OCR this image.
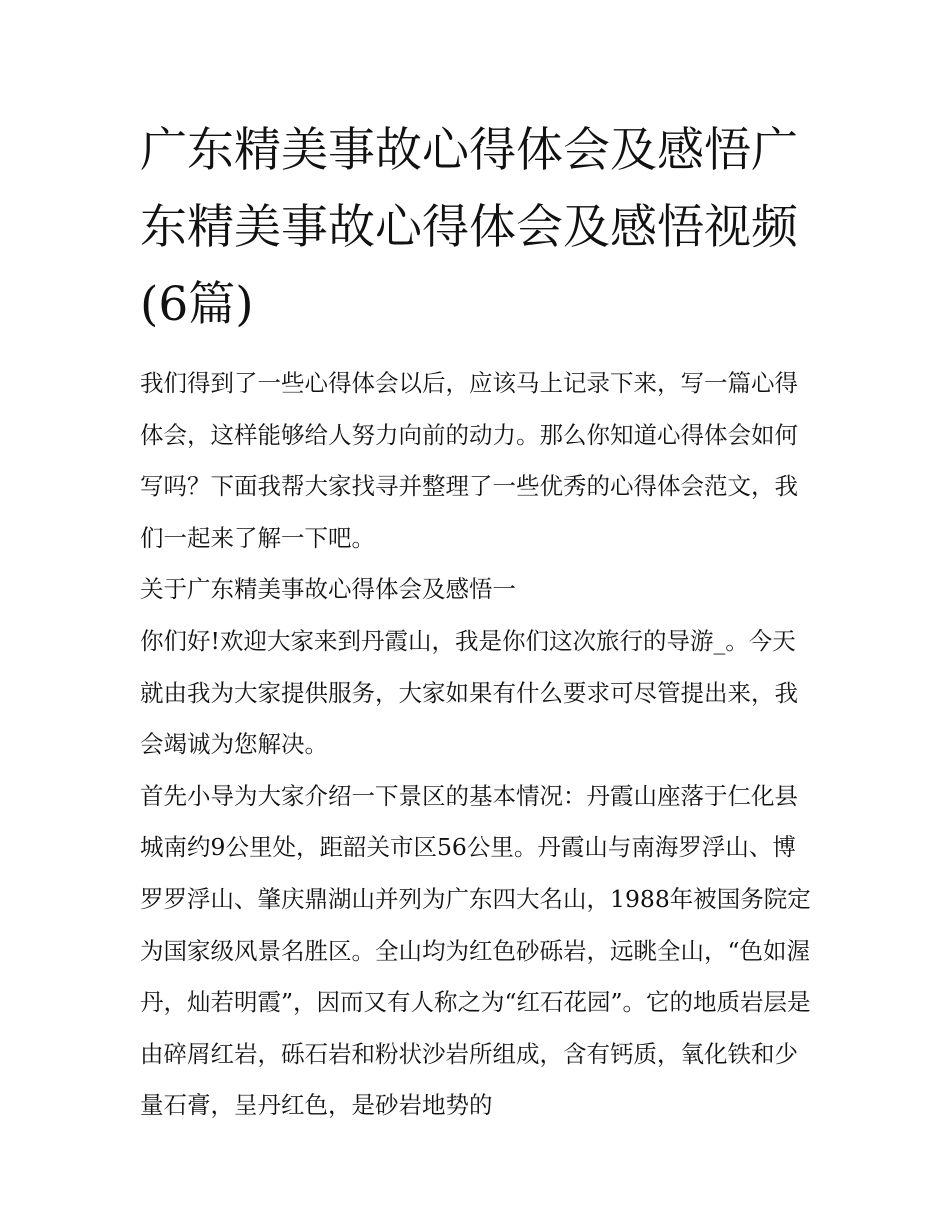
广东精美事故心得体会及感悟广东精美事故心得体会及感悟视频(6篇)

我们得到了一些心得体会以后，应该马上记录下来，写一篇心得体会，这样能够给人努力向前的动力。那么你知道心得体会如何写吗？下面我帮大家找寻并整理了一些优秀的心得体会范文，我们一起来了解一下吧。

关于广东精美事故心得体会及感悟一

你们好!欢迎大家来到丹霞山，我是你们这次旅行的导游_。今天就由我为大家提供服务，大家如果有什么要求可尽管提出来，我会竭诚为您解决。

首先小导为大家介绍一下景区的基本情况：丹霞山座落于仁化县城南约9公里处，距韶关市区56公里。丹霞山与南海罗浮山、博罗罗浮山、肇庆鼎湖山并列为广东四大名山，1988年被国务院定为国家级风景名胜区。全山均为红色砂砾岩，远眺全山，“色如渥丹，灿若明霞”，因而又有人称之为“红石花园”。它的地质岩层是由碎屑红岩，砾石岩和粉状沙岩所组成，含有钙质，氧化铁和少量石膏，呈丹红色，是砂岩地势的
